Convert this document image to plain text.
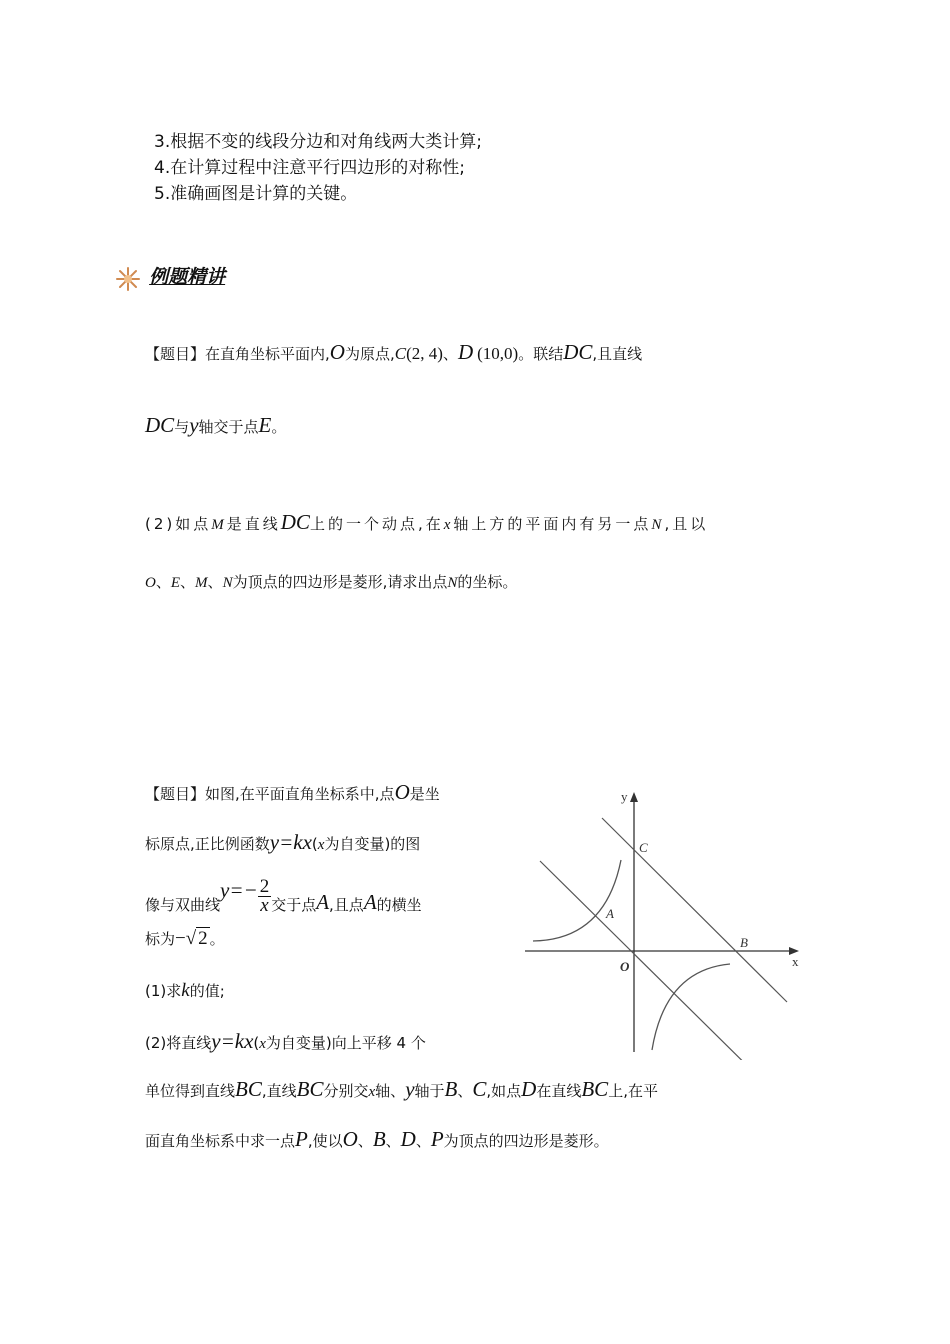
3.根据不变的线段分边和对角线两大类计算;
4.在计算过程中注意平行四边形的对称性;
5.准确画图是计算的关键。
例题精讲
【题目】在直角坐标平面内,O为原点,C(2, 4)、D (10,0)。联结DC,且直线
DC与y轴交于点E。
(2)如点M是直线DC上的一个动点,在x轴上方的平面内有另一点N,且以
O、E、M、N为顶点的四边形是菱形,请求出点N的坐标。
【题目】如图,在平面直角坐标系中,点O是坐
标原点,正比例函数y=kx(x为自变量)的图
像与双曲线$y=- \frac{2}{x}$ 交于点A,且点A的横坐
标为−√ 2 。
(1)求k的值;
(2)将直线y=kx(x为自变量)向上平移 4 个
单位得到直线BC,直线BC分别交x轴、y轴于B、C,如点D在直线BC上,在平
面直角坐标系中求一点P,使以O、B、D、P为顶点的四边形是菱形。
y
x
O
A
B
C
